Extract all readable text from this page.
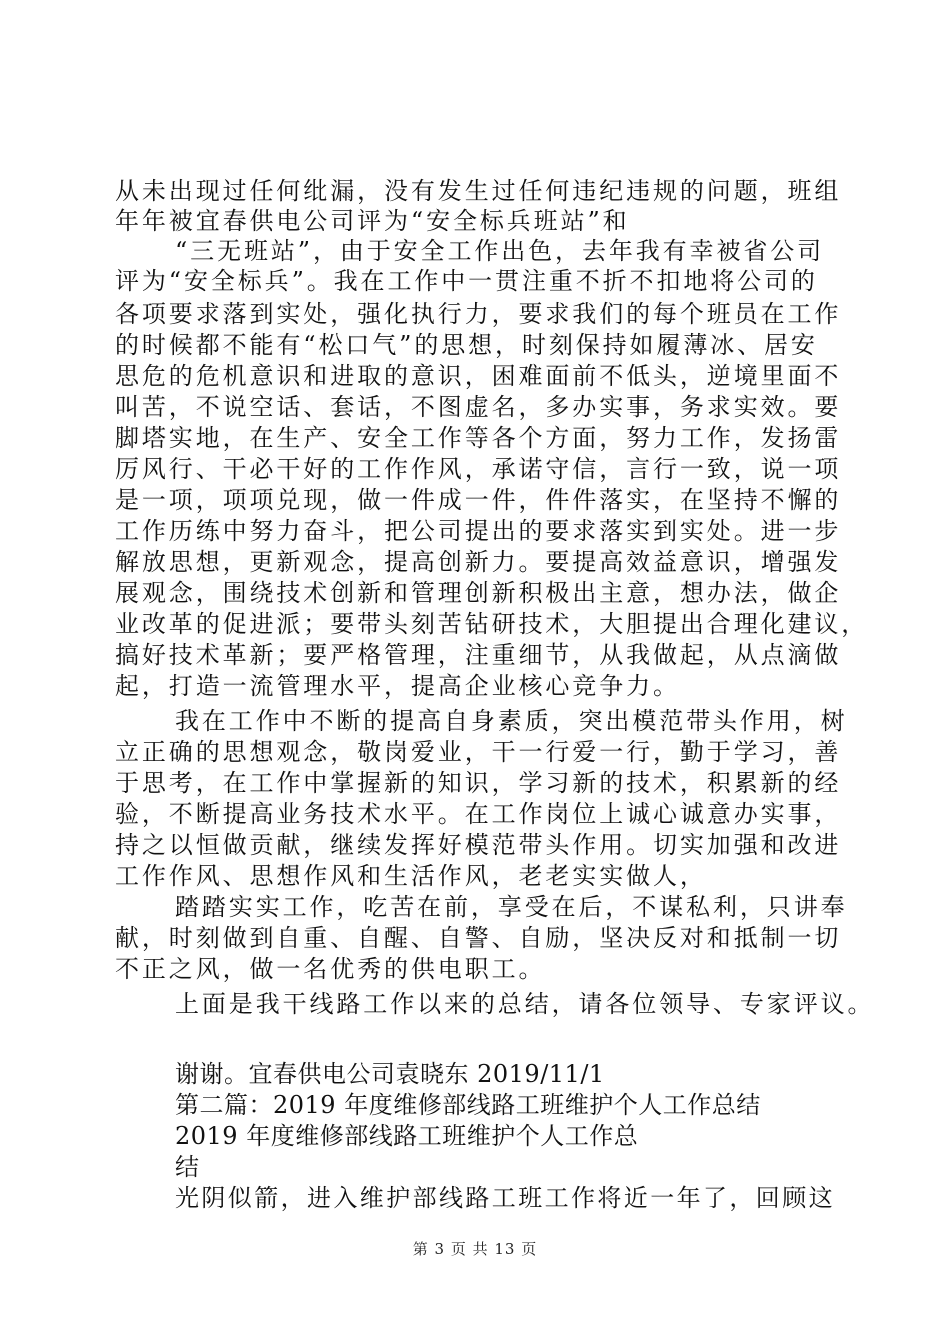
从未出现过任何纰漏，没有发生过任何违纪违规的问题，班组
年年被宜春供电公司评为“安全标兵班站”和
“三无班站”，由于安全工作出色，去年我有幸被省公司
评为“安全标兵”。我在工作中一贯注重不折不扣地将公司的
各项要求落到实处，强化执行力，要求我们的每个班员在工作
的时候都不能有“松口气”的思想，时刻保持如履薄冰、居安
思危的危机意识和进取的意识，困难面前不低头，逆境里面不
叫苦，不说空话、套话，不图虚名，多办实事，务求实效。要
脚塔实地，在生产、安全工作等各个方面，努力工作，发扬雷
厉风行、干必干好的工作作风，承诺守信，言行一致，说一项
是一项，项项兑现，做一件成一件，件件落实，在坚持不懈的
工作历练中努力奋斗，把公司提出的要求落实到实处。进一步
解放思想，更新观念，提高创新力。要提高效益意识，增强发
展观念，围绕技术创新和管理创新积极出主意，想办法，做企
业改革的促进派；要带头刻苦钻研技术，大胆提出合理化建议，
搞好技术革新；要严格管理，注重细节，从我做起，从点滴做
起，打造一流管理水平，提高企业核心竞争力。
我在工作中不断的提高自身素质，突出模范带头作用，树
立正确的思想观念，敬岗爱业，干一行爱一行，勤于学习，善
于思考，在工作中掌握新的知识，学习新的技术，积累新的经
验，不断提高业务技术水平。在工作岗位上诚心诚意办实事，
持之以恒做贡献，继续发挥好模范带头作用。切实加强和改进
工作作风、思想作风和生活作风，老老实实做人，
踏踏实实工作，吃苦在前，享受在后，不谋私利，只讲奉
献，时刻做到自重、自醒、自警、自励，坚决反对和抵制一切
不正之风，做一名优秀的供电职工。
上面是我干线路工作以来的总结，请各位领导、专家评议。
谢谢。宜春供电公司袁晓东 2019/11/1
第二篇：2019 年度维修部线路工班维护个人工作总结
2019 年度维修部线路工班维护个人工作总
结
光阴似箭，进入维护部线路工班工作将近一年了，回顾这
第 3 页 共 13 页
